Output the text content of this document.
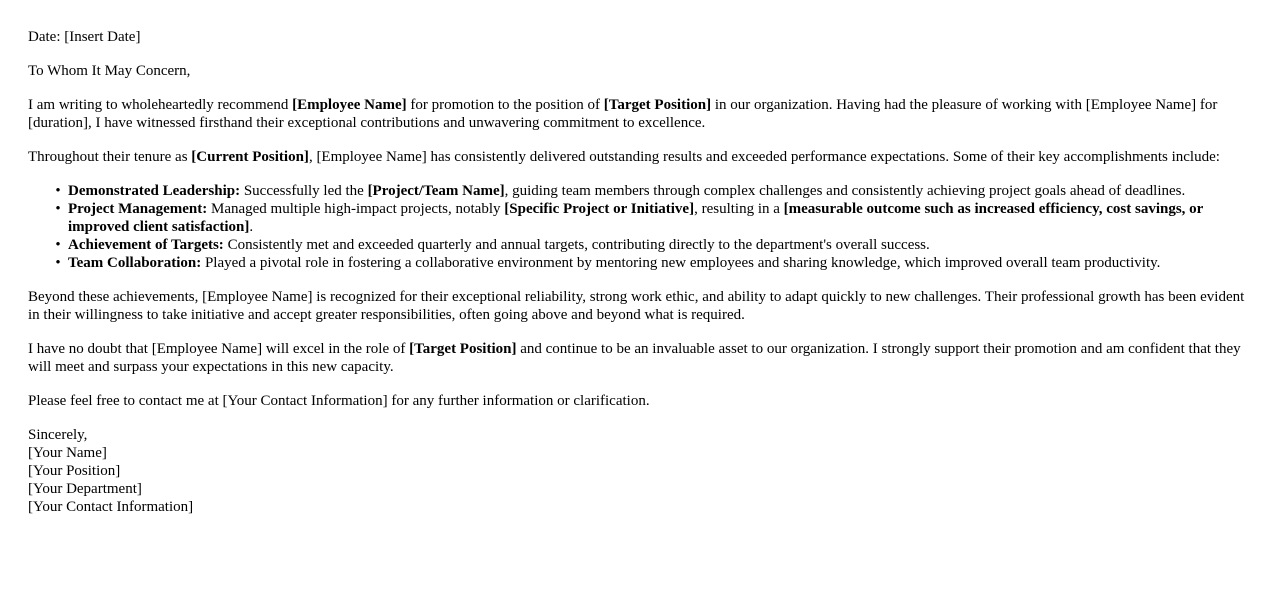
Date: [Insert Date]

To Whom It May Concern,

I am writing to wholeheartedly recommend [Employee Name] for promotion to the position of [Target Position] in our organization. Having had the pleasure of working with [Employee Name] for [duration], I have witnessed firsthand their exceptional contributions and unwavering commitment to excellence.

Throughout their tenure as [Current Position], [Employee Name] has consistently delivered outstanding results and exceeded performance expectations. Some of their key accomplishments include:

• Demonstrated Leadership: Successfully led the [Project/Team Name], guiding team members through complex challenges and consistently achieving project goals ahead of deadlines.
• Project Management: Managed multiple high-impact projects, notably [Specific Project or Initiative], resulting in a [measurable outcome such as increased efficiency, cost savings, or improved client satisfaction].
• Achievement of Targets: Consistently met and exceeded quarterly and annual targets, contributing directly to the department's overall success.
• Team Collaboration: Played a pivotal role in fostering a collaborative environment by mentoring new employees and sharing knowledge, which improved overall team productivity.

Beyond these achievements, [Employee Name] is recognized for their exceptional reliability, strong work ethic, and ability to adapt quickly to new challenges. Their professional growth has been evident in their willingness to take initiative and accept greater responsibilities, often going above and beyond what is required.

I have no doubt that [Employee Name] will excel in the role of [Target Position] and continue to be an invaluable asset to our organization. I strongly support their promotion and am confident that they will meet and surpass your expectations in this new capacity.

Please feel free to contact me at [Your Contact Information] for any further information or clarification.

Sincerely,
[Your Name]
[Your Position]
[Your Department]
[Your Contact Information]
